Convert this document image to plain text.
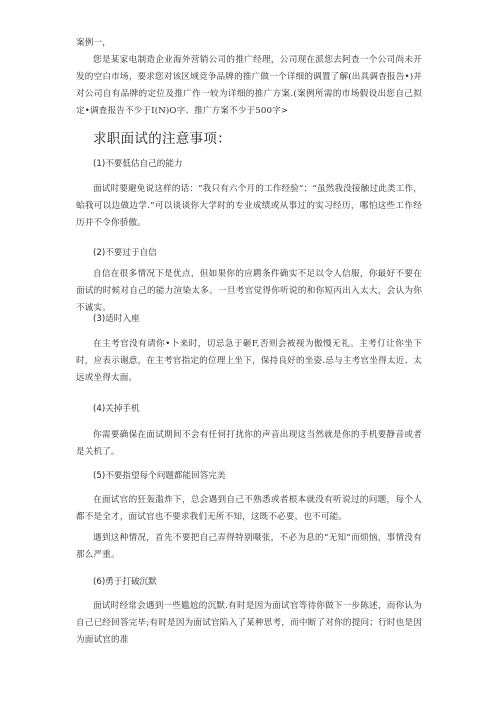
案例一，

您是某家电制造企业海外营销公司的推广经理，公司现在派您去阿查一个公司尚未开发的空白市场，要求您对该区域竞争品牌的推广做一个详细的调置了解(出具调杳报告•)并对公司自有品牌的定位及推广作一较为详细的推广方案.(案例所需的市场假设出您自己拟定•调査报告不少于I(N)O字、推广方案不少于500字>

求职面试的注意事项：

(1)不要低估自己的能力

面试时要避免说这样的话：“我只有六个月的工作经验”；“虽然我没接触过此类工作，蛤我可以边做边学.”可以谈谈你大学时的专业成绩或从事过的实习经历，哪怕这些工作经历并不令你骄傲。

(2)不要过于自信

自信在很多情况下是优点，但如果你的应聘条件确实不足以令人信服，你最好不要在面试的时候对自己的能力渲染太多。一旦考官觉得你听说的和你短丙出入太大，会认为你不诚实。

(3)适时入座

在主考官没有请你•卜来时，切忌急于砸F,否则会被视为傲慢无礼。主考仃让你坐下时，应表示谢意，在主考官指定的位理上坐下，保持良好的坐姿.忌与主考官坐得太近、太远或坐得太面。

(4)关掉手机

你需要确保在面试期间不会有任何打扰你的声音出现这当然就是你的手机要静音或者是关机了。

(5)不要指望每个问题都能回答完美

在面试官的狂轰滥炸下，总会遇到自己不熟悉或者根本就没有听说过的问题，每个人都不是全才，面试官也不要求我们无所不知，这既不必要，也不可能。

遇到这种情况，首先不要把自己弄得特别嗫张，不必为息的“无知”而烦恼，事情没有那么严重。

(6)勇于打破沉默

面试时经常会遇到一些尴尬的沉默.有时是因为面试官等待你做下一步陈述，而你认为自己已经回答完毕;有时是因为面试官陷入了某种思考，而中断了对你的提问；行时也是因为面试官的准
